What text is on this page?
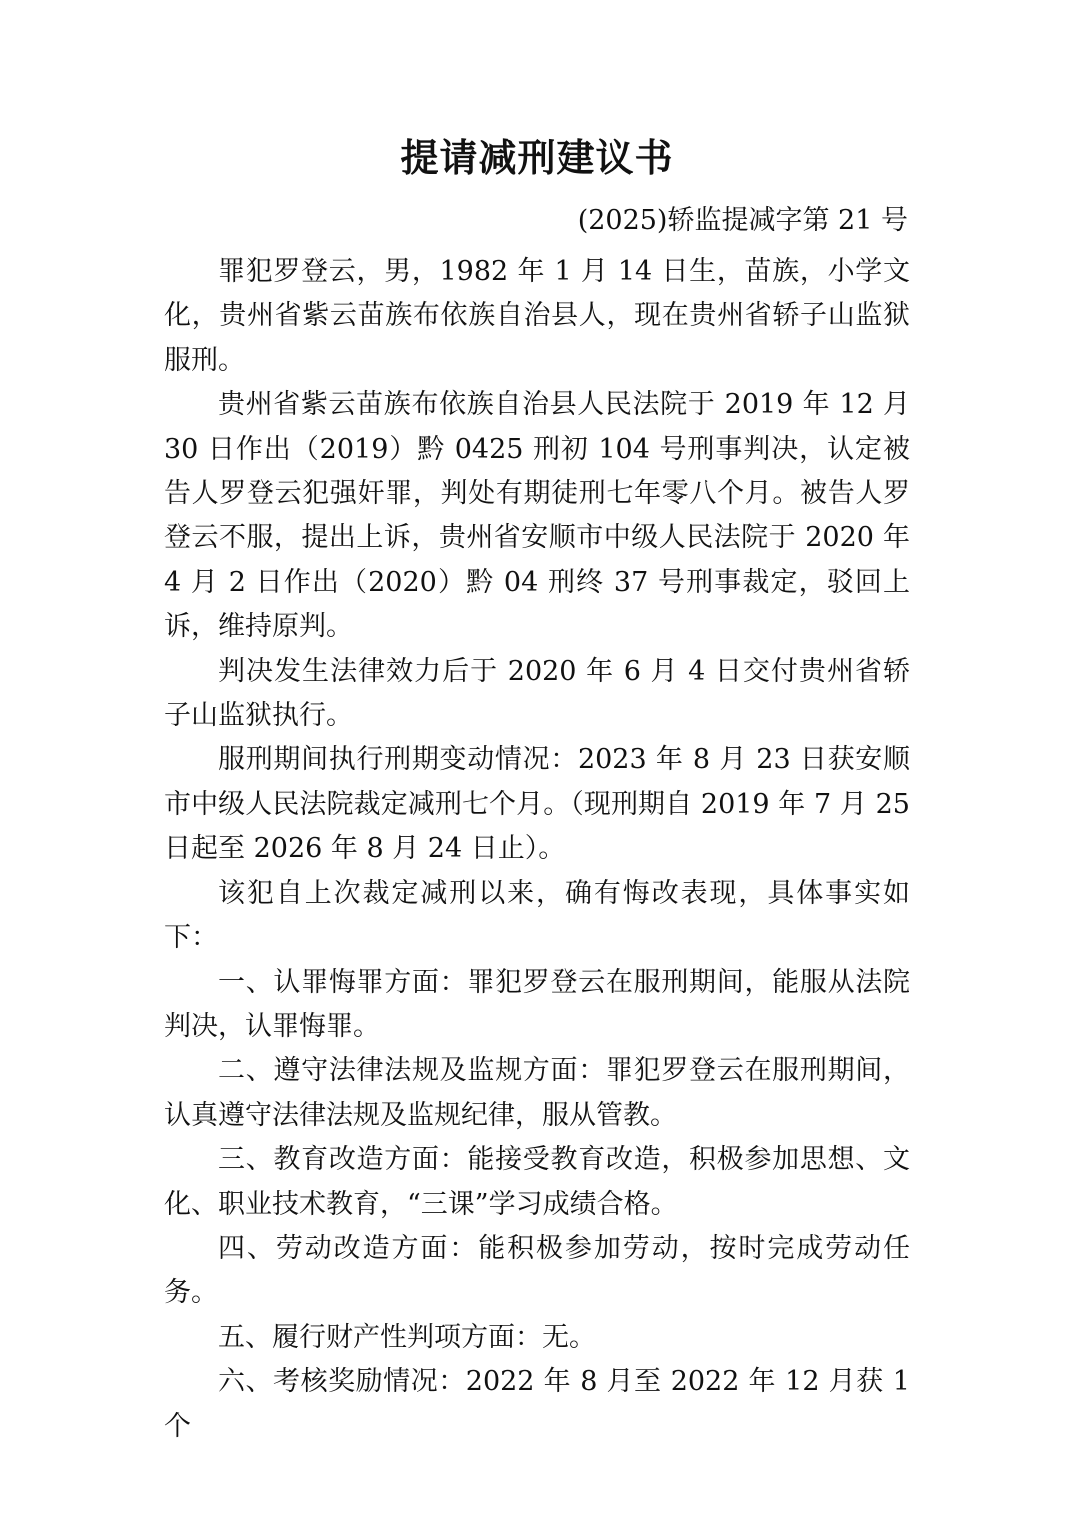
提请减刑建议书
(2025)轿监提减字第 21 号

罪犯罗登云，男，1982 年 1 月 14 日生，苗族，小学文化，贵州省紫云苗族布依族自治县人，现在贵州省轿子山监狱服刑。

贵州省紫云苗族布依族自治县人民法院于 2019 年 12 月 30 日作出（2019）黔 0425 刑初 104 号刑事判决，认定被告人罗登云犯强奸罪，判处有期徒刑七年零八个月。被告人罗登云不服，提出上诉，贵州省安顺市中级人民法院于 2020 年 4 月 2 日作出（2020）黔 04 刑终 37 号刑事裁定，驳回上诉，维持原判。

判决发生法律效力后于 2020 年 6 月 4 日交付贵州省轿子山监狱执行。

服刑期间执行刑期变动情况：2023 年 8 月 23 日获安顺市中级人民法院裁定减刑七个月。（现刑期自 2019 年 7 月 25 日起至 2026 年 8 月 24 日止）。

该犯自上次裁定减刑以来，确有悔改表现，具体事实如下：

一、认罪悔罪方面：罪犯罗登云在服刑期间，能服从法院判决，认罪悔罪。

二、遵守法律法规及监规方面：罪犯罗登云在服刑期间，认真遵守法律法规及监规纪律，服从管教。

三、教育改造方面：能接受教育改造，积极参加思想、文化、职业技术教育，“三课”学习成绩合格。

四、劳动改造方面：能积极参加劳动，按时完成劳动任务。

五、履行财产性判项方面：无。

六、考核奖励情况：2022 年 8 月至 2022 年 12 月获 1 个
